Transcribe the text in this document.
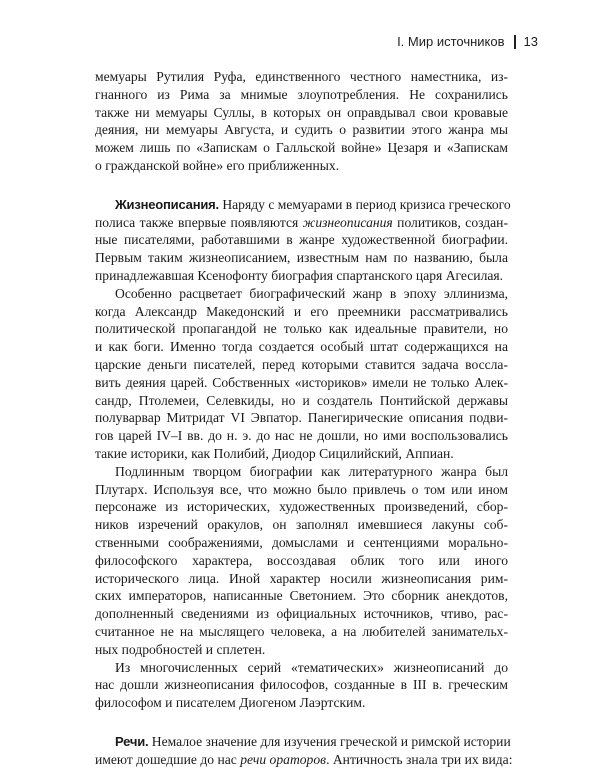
I. Мир источников 13
мемуары Рутилия Руфа, единственного честного наместника, из-
гнанного из Рима за мнимые злоупотребления. Не сохранились
также ни мемуары Суллы, в которых он оправдывал свои кровавые
деяния, ни мемуары Августа, и судить о развитии этого жанра мы
можем лишь по «Запискам о Галльской войне» Цезаря и «Запискам
о гражданской войне» его приближенных.
Жизнеописания. Наряду с мемуарами в период кризиса греческого
полиса также впервые появляются жизнеописания политиков, создан-
ные писателями, работавшими в жанре художественной биографии.
Первым таким жизнеописанием, известным нам по названию, была
принадлежавшая Ксенофонту биография спартанского царя Агесилая.
Особенно расцветает биографический жанр в эпоху эллинизма,
когда Александр Македонский и его преемники рассматривались
политической пропагандой не только как идеальные правители, но
и как боги. Именно тогда создается особый штат содержащихся на
царские деньги писателей, перед которыми ставится задача воссла-
вить деяния царей. Собственных «историков» имели не только Алек-
сандр, Птолемеи, Селевкиды, но и создатель Понтийской державы
полуварвар Митридат VI Эвпатор. Панегирические описания подви-
гов царей IV–I вв. до н. э. до нас не дошли, но ими воспользовались
такие историки, как Полибий, Диодор Сицилийский, Аппиан.
Подлинным творцом биографии как литературного жанра был
Плутарх. Используя все, что можно было привлечь о том или ином
персонаже из исторических, художественных произведений, сбор-
ников изречений оракулов, он заполнял имевшиеся лакуны соб-
ственными соображениями, домыслами и сентенциями морально-
философского характера, воссоздавая облик того или иного
исторического лица. Иной характер носили жизнеописания рим-
ских императоров, написанные Светонием. Это сборник анекдотов,
дополненный сведениями из официальных источников, чтиво, рас-
считанное не на мыслящего человека, а на любителей занимательх-
ных подробностей и сплетен.
Из многочисленных серий «тематических» жизнеописаний до
нас дошли жизнеописания философов, созданные в III в. греческим
философом и писателем Диогеном Лаэртским.
Речи. Немалое значение для изучения греческой и римской истории
имеют дошедшие до нас речи ораторов. Античность знала три их вида:
